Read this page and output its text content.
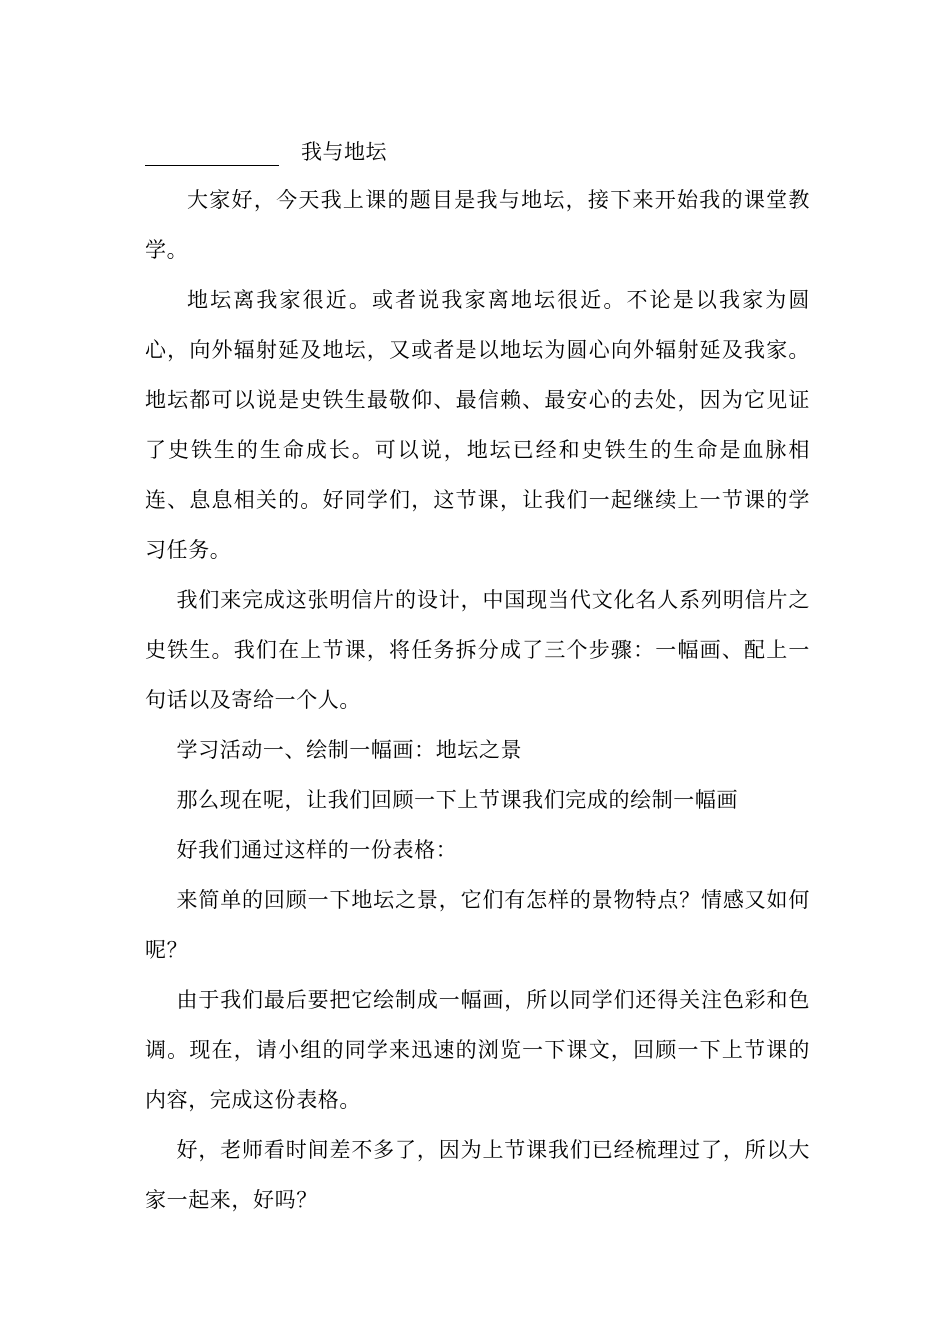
我与地坛

大家好，今天我上课的题目是我与地坛，接下来开始我的课堂教学。

地坛离我家很近。或者说我家离地坛很近。不论是以我家为圆心，向外辐射延及地坛，又或者是以地坛为圆心向外辐射延及我家。地坛都可以说是史铁生最敬仰、最信赖、最安心的去处，因为它见证了史铁生的生命成长。可以说，地坛已经和史铁生的生命是血脉相连、息息相关的。好同学们，这节课，让我们一起继续上一节课的学习任务。

我们来完成这张明信片的设计，中国现当代文化名人系列明信片之史铁生。我们在上节课，将任务拆分成了三个步骤：一幅画、配上一句话以及寄给一个人。

学习活动一、绘制一幅画：地坛之景

那么现在呢，让我们回顾一下上节课我们完成的绘制一幅画

好我们通过这样的一份表格：

来简单的回顾一下地坛之景，它们有怎样的景物特点？情感又如何呢？

由于我们最后要把它绘制成一幅画，所以同学们还得关注色彩和色调。现在，请小组的同学来迅速的浏览一下课文，回顾一下上节课的内容，完成这份表格。

好，老师看时间差不多了，因为上节课我们已经梳理过了，所以大家一起来，好吗？
